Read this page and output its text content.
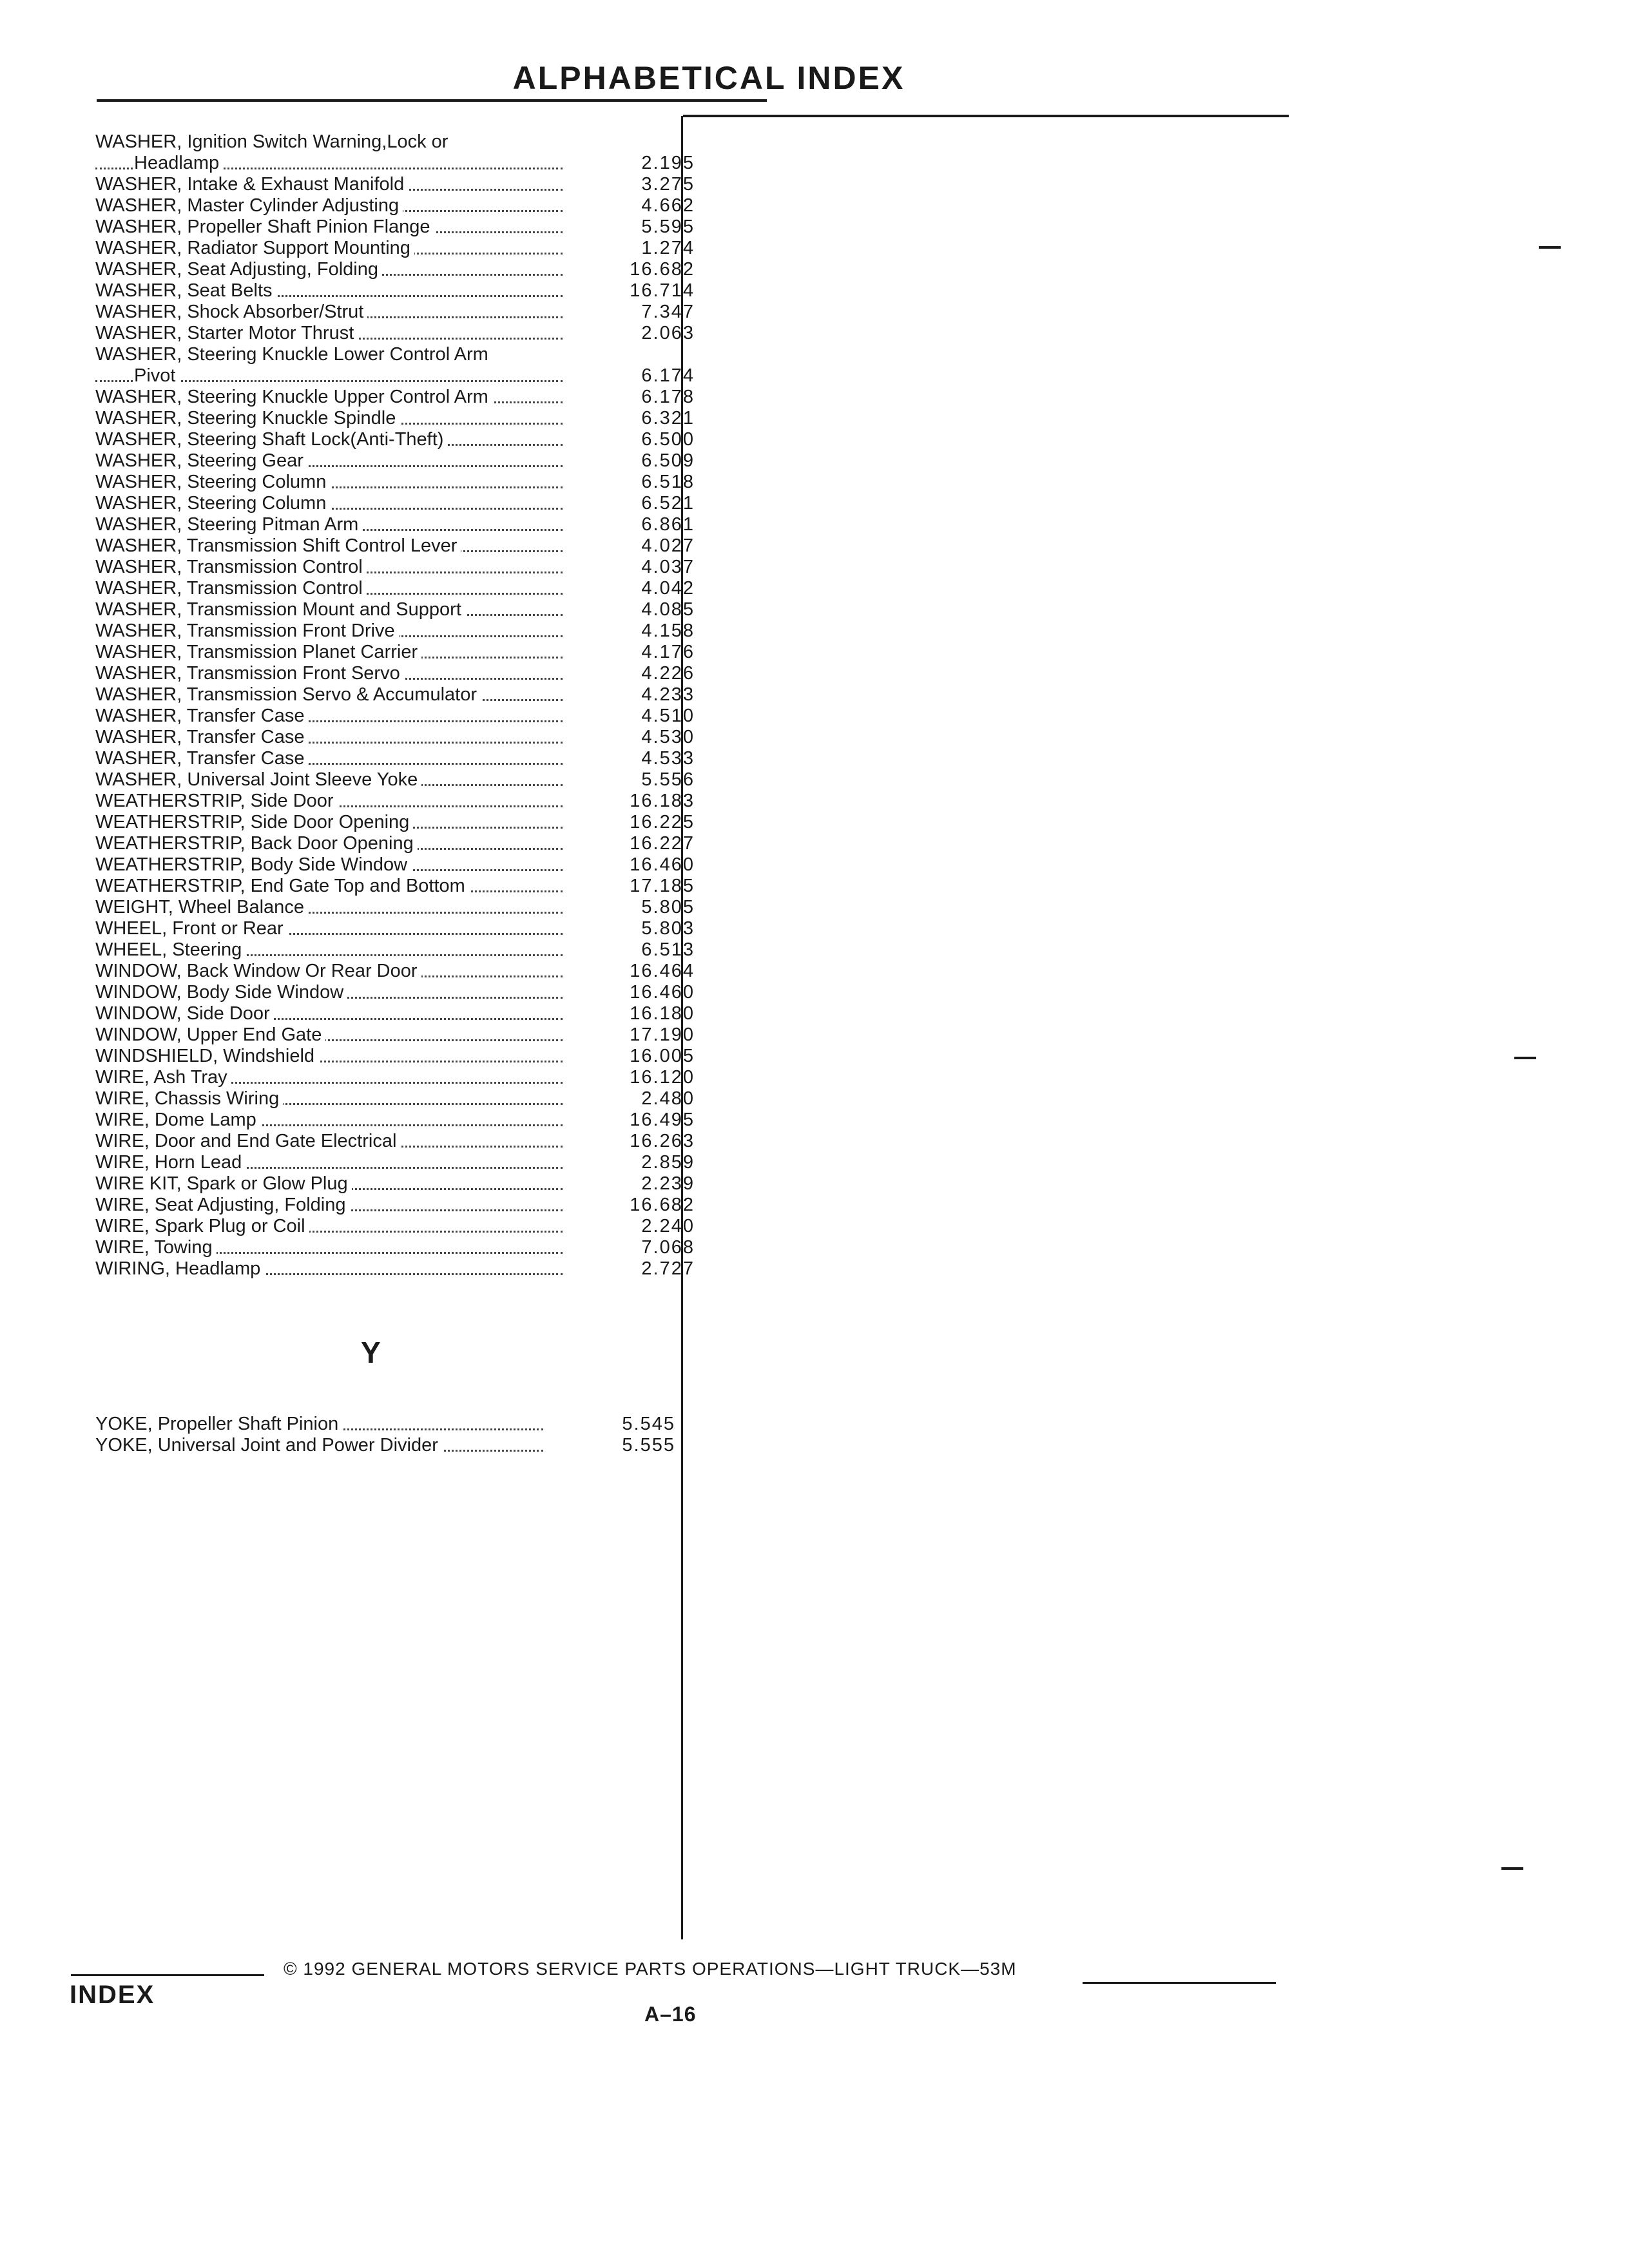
ALPHABETICAL INDEX
WASHER, Ignition Switch Warning,Lock or
Headlamp	2.195
WASHER, Intake & Exhaust Manifold	3.275
WASHER, Master Cylinder Adjusting	4.662
WASHER, Propeller Shaft Pinion Flange	5.595
WASHER, Radiator Support Mounting	1.274
WASHER, Seat Adjusting, Folding	16.682
WASHER, Seat Belts	16.714
WASHER, Shock Absorber/Strut	7.347
WASHER, Starter Motor Thrust	2.063
WASHER, Steering Knuckle Lower Control Arm
Pivot	6.174
WASHER, Steering Knuckle Upper Control Arm	6.178
WASHER, Steering Knuckle Spindle	6.321
WASHER, Steering Shaft Lock(Anti-Theft)	6.500
WASHER, Steering Gear	6.509
WASHER, Steering Column	6.518
WASHER, Steering Column	6.521
WASHER, Steering Pitman Arm	6.861
WASHER, Transmission Shift Control Lever	4.027
WASHER, Transmission Control	4.037
WASHER, Transmission Control	4.042
WASHER, Transmission Mount and Support	4.085
WASHER, Transmission Front Drive	4.158
WASHER, Transmission Planet Carrier	4.176
WASHER, Transmission Front Servo	4.226
WASHER, Transmission Servo & Accumulator	4.233
WASHER, Transfer Case	4.510
WASHER, Transfer Case	4.530
WASHER, Transfer Case	4.533
WASHER, Universal Joint Sleeve Yoke	5.556
WEATHERSTRIP, Side Door	16.183
WEATHERSTRIP, Side Door Opening	16.225
WEATHERSTRIP, Back Door Opening	16.227
WEATHERSTRIP, Body Side Window	16.460
WEATHERSTRIP, End Gate Top and Bottom	17.185
WEIGHT, Wheel Balance	5.805
WHEEL, Front or Rear	5.803
WHEEL, Steering	6.513
WINDOW, Back Window Or Rear Door	16.464
WINDOW, Body Side Window	16.460
WINDOW, Side Door	16.180
WINDOW, Upper End Gate	17.190
WINDSHIELD, Windshield	16.005
WIRE, Ash Tray	16.120
WIRE, Chassis Wiring	2.480
WIRE, Dome Lamp	16.495
WIRE, Door and End Gate Electrical	16.263
WIRE, Horn Lead	2.859
WIRE KIT, Spark or Glow Plug	2.239
WIRE, Seat Adjusting, Folding	16.682
WIRE, Spark Plug or Coil	2.240
WIRE, Towing	7.068
WIRING, Headlamp	2.727
Y
YOKE, Propeller Shaft Pinion	5.545
YOKE, Universal Joint and Power Divider	5.555
© 1992 GENERAL MOTORS SERVICE PARTS OPERATIONS—LIGHT TRUCK—53M
INDEX
A–16
